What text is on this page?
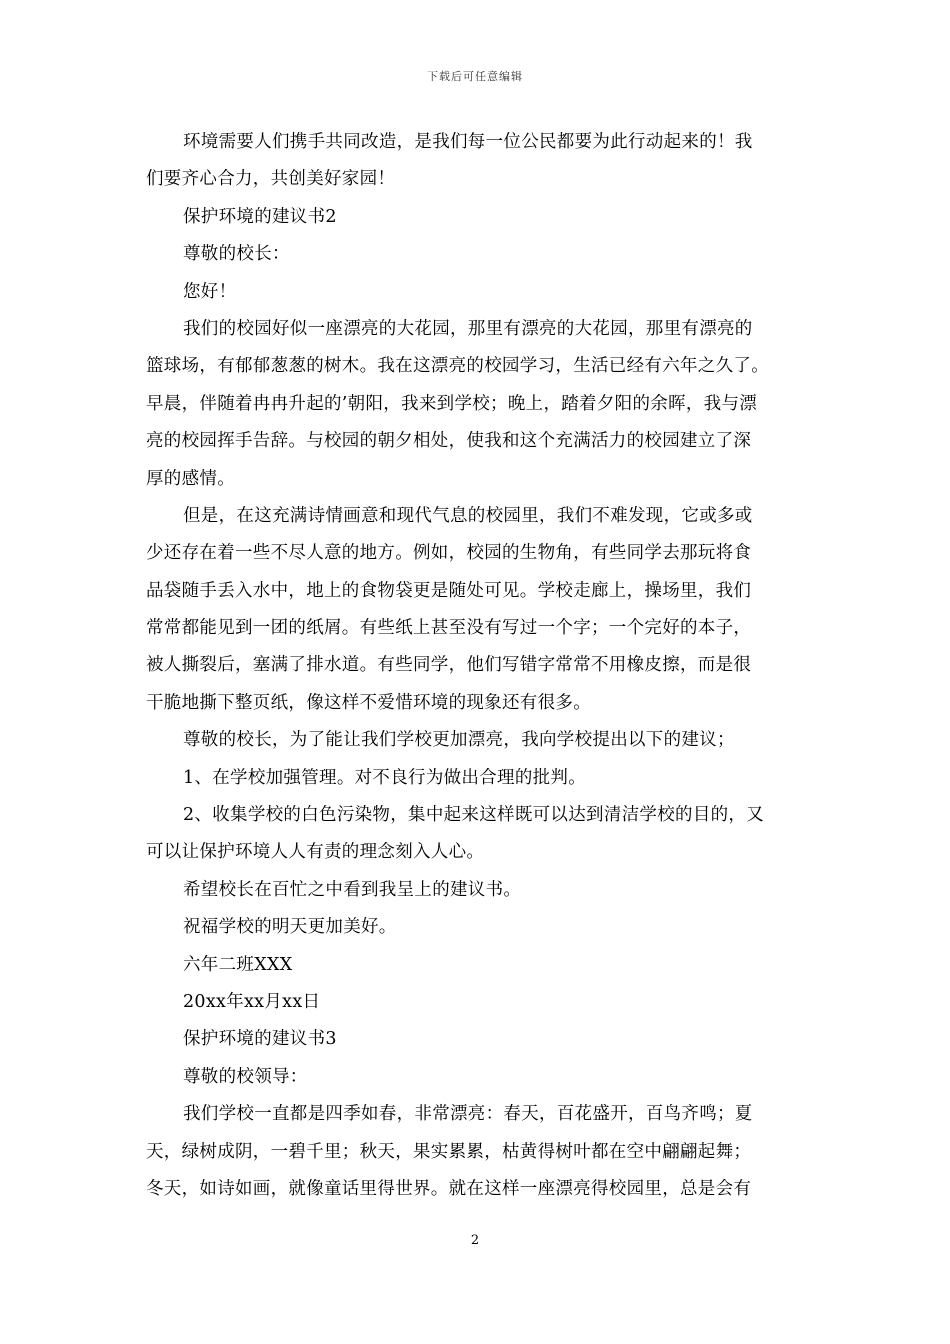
下载后可任意编辑
环境需要人们携手共同改造，是我们每一位公民都要为此行动起来的！我
们要齐心合力，共创美好家园！
保护环境的建议书2
尊敬的校长：
您好！
我们的校园好似一座漂亮的大花园，那里有漂亮的大花园，那里有漂亮的
篮球场，有郁郁葱葱的树木。我在这漂亮的校园学习，生活已经有六年之久了。
早晨，伴随着冉冉升起的’朝阳，我来到学校；晚上，踏着夕阳的余晖，我与漂
亮的校园挥手告辞。与校园的朝夕相处，使我和这个充满活力的校园建立了深
厚的感情。
但是，在这充满诗情画意和现代气息的校园里，我们不难发现，它或多或
少还存在着一些不尽人意的地方。例如，校园的生物角，有些同学去那玩将食
品袋随手丢入水中，地上的食物袋更是随处可见。学校走廊上，操场里，我们
常常都能见到一团的纸屑。有些纸上甚至没有写过一个字；一个完好的本子，
被人撕裂后，塞满了排水道。有些同学，他们写错字常常不用橡皮擦，而是很
干脆地撕下整页纸，像这样不爱惜环境的现象还有很多。
尊敬的校长，为了能让我们学校更加漂亮，我向学校提出以下的建议；
1、在学校加强管理。对不良行为做出合理的批判。
2、收集学校的白色污染物，集中起来这样既可以达到清洁学校的目的，又
可以让保护环境人人有责的理念刻入人心。
希望校长在百忙之中看到我呈上的建议书。
祝福学校的明天更加美好。
六年二班XXX
20xx年xx月xx日
保护环境的建议书3
尊敬的校领导：
我们学校一直都是四季如春，非常漂亮：春天，百花盛开，百鸟齐鸣；夏
天，绿树成阴，一碧千里；秋天，果实累累，枯黄得树叶都在空中翩翩起舞；
冬天，如诗如画，就像童话里得世界。就在这样一座漂亮得校园里，总是会有
2
